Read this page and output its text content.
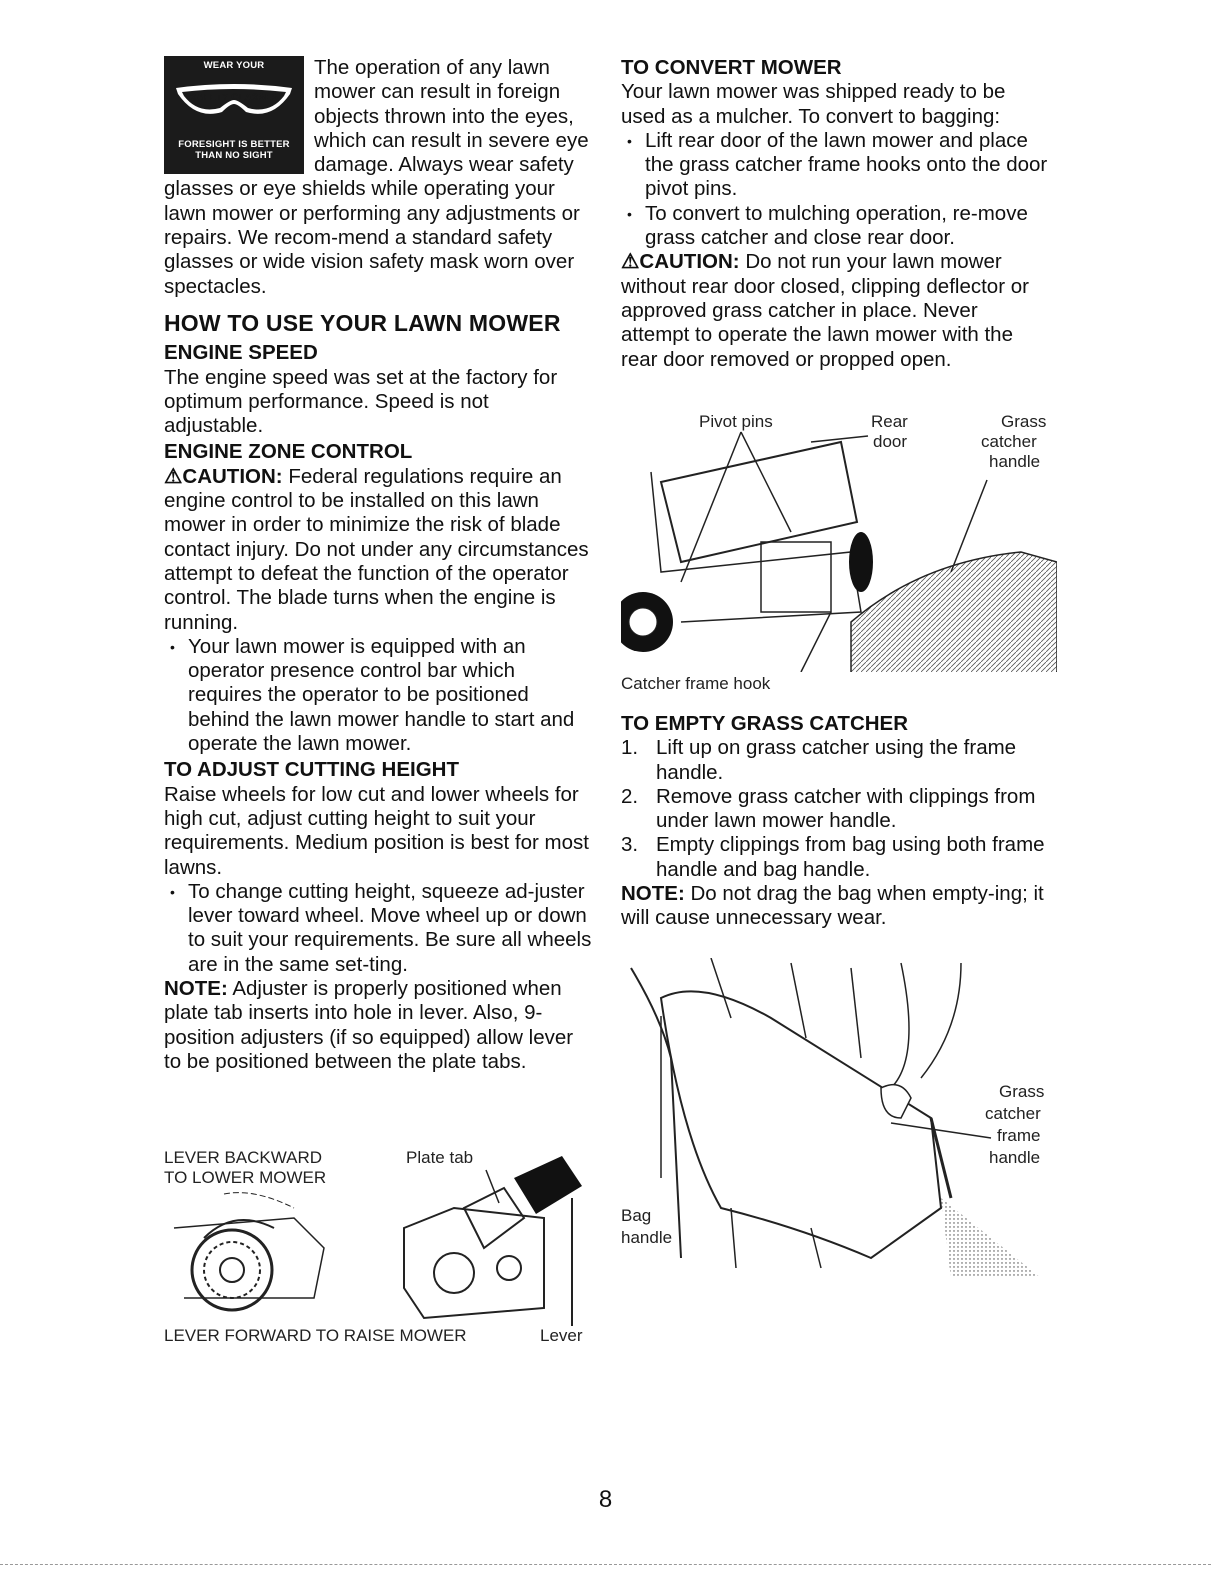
WEAR YOUR
SAFETY GLASSES
FORESIGHT IS BETTER
THAN NO SIGHT

The operation of any lawn mower can result in foreign objects thrown into the eyes, which can result in severe eye damage. Always wear safety glasses or eye shields while operating your lawn mower or performing any adjustments or repairs. We recom-mend a standard safety glasses or wide vision safety mask worn over spectacles.

HOW TO USE YOUR LAWN MOWER
ENGINE SPEED

The engine speed was set at the factory for optimum performance. Speed is not adjustable.

ENGINE ZONE CONTROL

⚠CAUTION: Federal regulations require an engine control to be installed on this lawn mower in order to minimize the risk of blade contact injury. Do not under any circumstances attempt to defeat the function of the operator control. The blade turns when the engine is running.

• Your lawn mower is equipped with an operator presence control bar which requires the operator to be positioned behind the lawn mower handle to start and operate the lawn mower.

TO ADJUST CUTTING HEIGHT

Raise wheels for low cut and lower wheels for high cut, adjust cutting height to suit your requirements. Medium position is best for most lawns.

• To change cutting height, squeeze ad-juster lever toward wheel. Move wheel up or down to suit your requirements. Be sure all wheels are in the same set-ting.

NOTE: Adjuster is properly positioned when plate tab inserts into hole in lever. Also, 9-position adjusters (if so equipped) allow lever to be positioned between the plate tabs.

LEVER BACKWARD
TO LOWER MOWER
Plate tab
LEVER FORWARD TO RAISE MOWER	Lever
TO CONVERT MOWER

Your lawn mower was shipped ready to be used as a mulcher. To convert to bagging:

• Lift rear door of the lawn mower and place the grass catcher frame hooks onto the door pivot pins.

• To convert to mulching operation, re-move grass catcher and close rear door.

⚠CAUTION: Do not run your lawn mower without rear door closed, clipping deflector or approved grass catcher in place. Never attempt to operate the lawn mower with the rear door removed or propped open.

Pivot pins	Rear
door
Grass
catcher
handle
Catcher frame hook
TO EMPTY GRASS CATCHER
1. Lift up on grass catcher using the frame handle.
2. Remove grass catcher with clippings from under lawn mower handle.
3. Empty clippings from bag using both frame handle and bag handle.

NOTE: Do not drag the bag when empty-ing; it will cause unnecessary wear.

Grass
catcher
frame
handle
Bag
handle
8
